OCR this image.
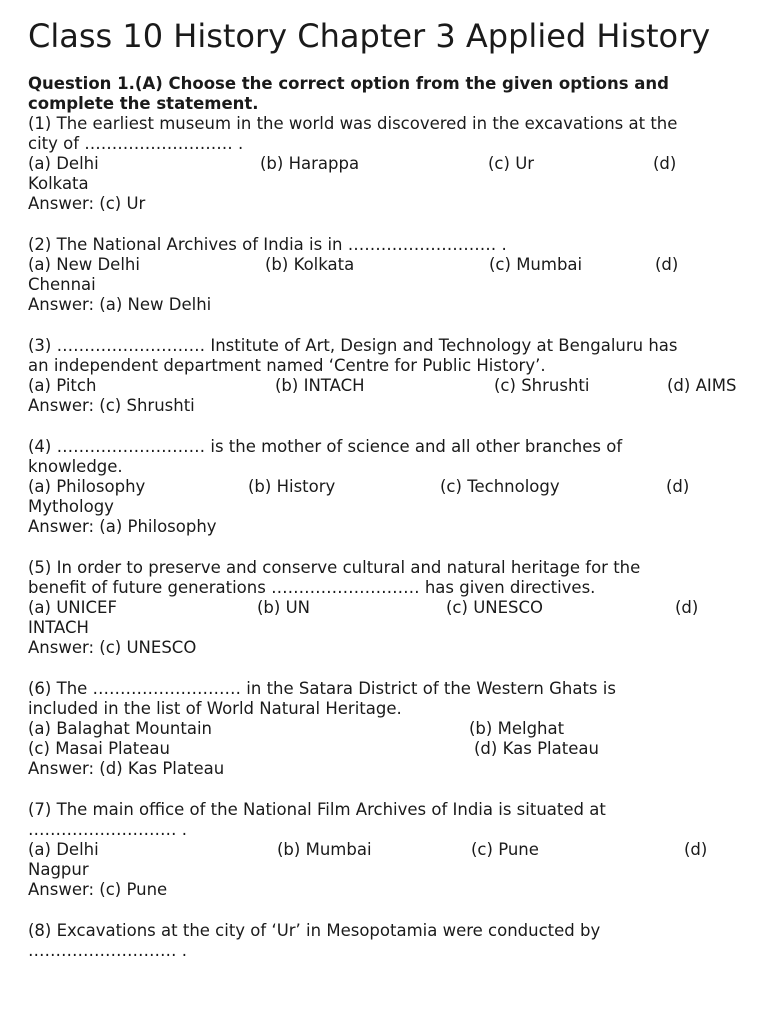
Class 10 History Chapter 3 Applied History
Question 1.(A) Choose the correct option from the given options and complete the statement.
(1) The earliest museum in the world was discovered in the excavations at the
city of ……………………… .
(a) Delhi	(b) Harappa	(c) Ur	(d)
Kolkata
Answer: (c) Ur
(2) The National Archives of India is in ……………………… .
(a) New Delhi	(b) Kolkata	(c) Mumbai	(d)
Chennai
Answer: (a) New Delhi
(3) ……………………… Institute of Art, Design and Technology at Bengaluru has
an independent department named ‘Centre for Public History’.
(a) Pitch	(b) INTACH	(c) Shrushti	(d) AIMS
Answer: (c) Shrushti
(4) ……………………… is the mother of science and all other branches of
knowledge.
(a) Philosophy	(b) History	(c) Technology	(d)
Mythology
Answer: (a) Philosophy
(5) In order to preserve and conserve cultural and natural heritage for the
benefit of future generations ……………………… has given directives.
(a) UNICEF	(b) UN	(c) UNESCO	(d)
INTACH
Answer: (c) UNESCO
(6) The ……………………… in the Satara District of the Western Ghats is
included in the list of World Natural Heritage.
(a) Balaghat Mountain	(b) Melghat
(c) Masai Plateau	(d) Kas Plateau
Answer: (d) Kas Plateau
(7) The main office of the National Film Archives of India is situated at
……………………… .
(a) Delhi	(b) Mumbai	(c) Pune	(d)
Nagpur
Answer: (c) Pune
(8) Excavations at the city of ‘Ur’ in Mesopotamia were conducted by
……………………… .
